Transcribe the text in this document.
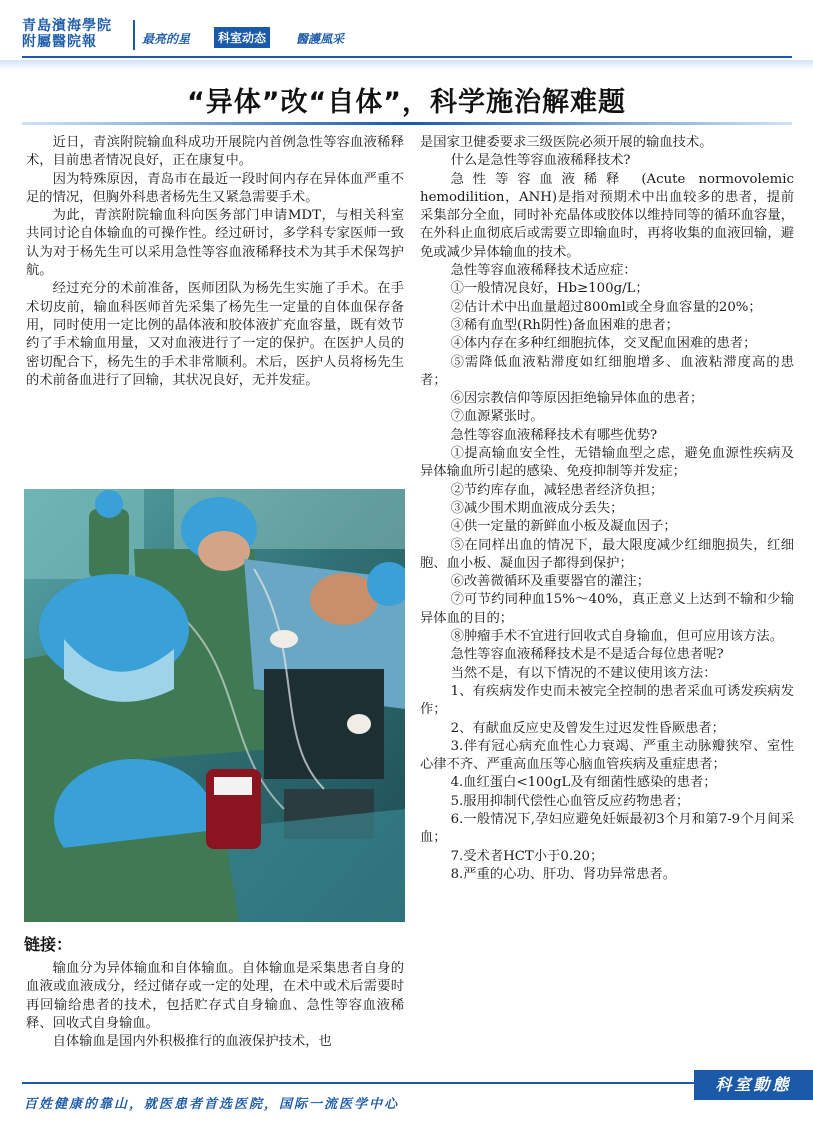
青島濱海學院
附屬醫院報	最亮的星	科室动态	醫護風采
“异体”改“自体”，科学施治解难题

近日，青滨附院输血科成功开展院内首例急性等容血液稀释术，目前患者情况良好，正在康复中。

因为特殊原因，青岛市在最近一段时间内存在异体血严重不足的情况，但胸外科患者杨先生又紧急需要手术。

为此，青滨附院输血科向医务部门申请MDT，与相关科室共同讨论自体输血的可操作性。经过研讨，多学科专家医师一致认为对于杨先生可以采用急性等容血液稀释技术为其手术保驾护航。

经过充分的术前准备，医师团队为杨先生实施了手术。在手术切皮前，输血科医师首先采集了杨先生一定量的自体血保存备用，同时使用一定比例的晶体液和胶体液扩充血容量，既有效节约了手术输血用量，又对血液进行了一定的保护。在医护人员的密切配合下，杨先生的手术非常顺利。术后，医护人员将杨先生的术前备血进行了回输，其状况良好，无并发症。

链接：

输血分为异体输血和自体输血。自体输血是采集患者自身的血液或血液成分，经过储存或一定的处理，在术中或术后需要时再回输给患者的技术，包括贮存式自身输血、急性等容血液稀释、回收式自身输血。

自体输血是国内外积极推行的血液保护技术，也

是国家卫健委要求三级医院必须开展的输血技术。

什么是急性等容血液稀释技术?

急性等容血液稀释 (Acute normovolemic hemodilition，ANH)是指对预期术中出血较多的患者，提前采集部分全血，同时补充晶体或胶体以维持同等的循环血容量，在外科止血彻底后或需要立即输血时，再将收集的血液回输，避免或减少异体输血的技术。

急性等容血液稀释技术适应症：

①一般情况良好，Hb≥100g/L；

②估计术中出血量超过800ml或全身血容量的20%；

③稀有血型(Rh阴性)备血困难的患者；

④体内存在多种红细胞抗体，交叉配血困难的患者；

⑤需降低血液粘滞度如红细胞增多、血液粘滞度高的患者；

⑥因宗教信仰等原因拒绝输异体血的患者；

⑦血源紧张时。

急性等容血液稀释技术有哪些优势?

①提高输血安全性，无错输血型之虑，避免血源性疾病及异体输血所引起的感染、免疫抑制等并发症；

②节约库存血，减轻患者经济负担；

③减少围术期血液成分丢失；

④供一定量的新鲜血小板及凝血因子；

⑤在同样出血的情况下，最大限度减少红细胞损失，红细胞、血小板、凝血因子都得到保护；

⑥改善微循环及重要器官的灌注；

⑦可节约同种血15%～40%，真正意义上达到不输和少输异体血的目的；

⑧肿瘤手术不宜进行回收式自身输血，但可应用该方法。

急性等容血液稀释技术是不是适合每位患者呢?

当然不是，有以下情况的不建议使用该方法：

1、有疾病发作史而未被完全控制的患者采血可诱发疾病发作；

2、有献血反应史及曾发生过迟发性昏厥患者；

3.伴有冠心病充血性心力衰竭、严重主动脉瓣狭窄、室性心律不齐、严重高血压等心脑血管疾病及重症患者；

4.血红蛋白<100gL及有细菌性感染的患者；

5.服用抑制代偿性心血管反应药物患者；

6.一般情况下,孕妇应避免妊娠最初3个月和第7-9个月间采血；

7.受术者HCT小于0.20；

8.严重的心功、肝功、肾功异常患者。

百姓健康的靠山，就医患者首选医院，国际一流医学中心
科室動態
